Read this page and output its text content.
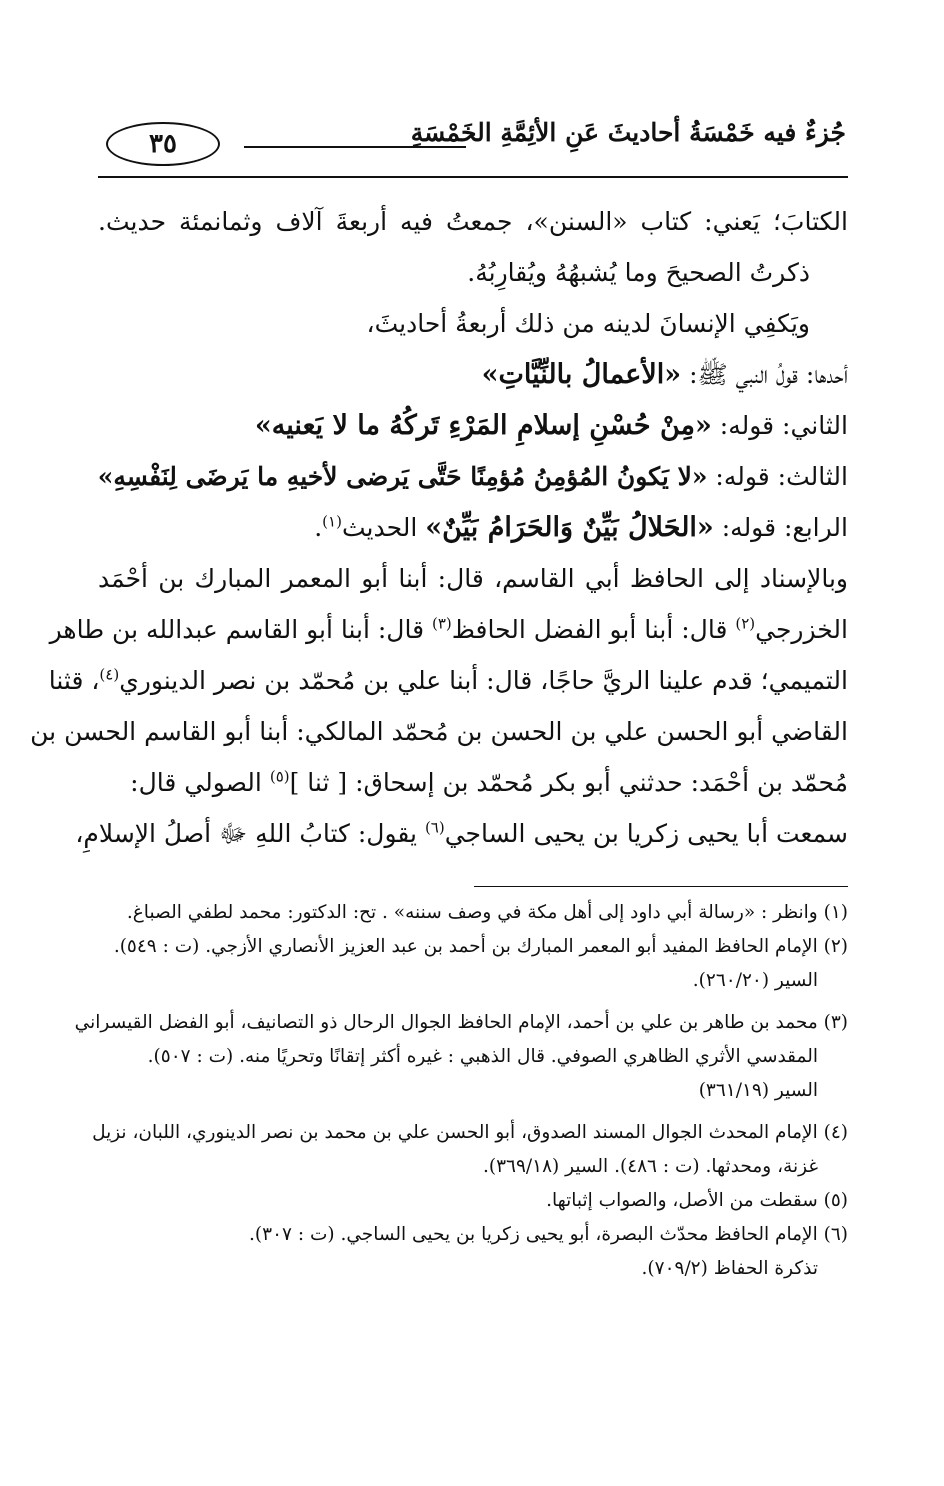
جُزءٌ فيه خَمْسَةُ أحاديثَ عَنِ الأئِمَّةِ الخَمْسَةِ
٣٥
الكتابَ؛ يَعني: كتاب «السنن»، جمعتُ فيه أربعةَ آلاف وثمانمئة حديث.
ذكرتُ الصحيحَ وما يُشبهُهُ ويُقارِبُهُ.
ويَكفِي الإنسانَ لدينه من ذلك أربعةُ أحاديثَ،
أحدها: قولُ النبي ﷺ: «الأعمالُ بالنِّيَّاتِ»
الثاني: قوله: «مِنْ حُسْنِ إسلامِ المَرْءِ تَركُهُ ما لا يَعنيه»
الثالث: قوله: «لا يَكونُ المُؤمِنُ مُؤمِنًا حَتَّى يَرضى لأخيهِ ما يَرضَى لِنَفْسِهِ»
الرابع: قوله: «الحَلالُ بَيِّنٌ وَالحَرَامُ بَيِّنٌ» الحديث$^{(١)}$.
وبالإسناد إلى الحافظ أبي القاسم، قال: أبنا أبو المعمر المبارك بن أحْمَد
الخزرجي$^{(٢)}$ قال: أبنا أبو الفضل الحافظ$^{(٣)}$ قال: أبنا أبو القاسم عبدالله بن طاهر
التميمي؛ قدم علينا الريَّ حاجًا، قال: أبنا علي بن مُحمّد بن نصر الدينوري$^{(٤)}$، قثنا
القاضي أبو الحسن علي بن الحسن بن مُحمّد المالكي: أبنا أبو القاسم الحسن بن
مُحمّد بن أحْمَد: حدثني أبو بكر مُحمّد بن إسحاق: [ ثنا ]$^{(٥)}$ الصولي قال:
سمعت أبا يحيى زكريا بن يحيى الساجي$^{(٦)}$ يقول: كتابُ اللهِ ﷻ أصلُ الإسلامِ،
(١) وانظر : «رسالة أبي داود إلى أهل مكة في وصف سننه» . تح: الدكتور: محمد لطفي الصباغ.
(٢) الإمام الحافظ المفيد أبو المعمر المبارك بن أحمد بن عبد العزيز الأنصاري الأزجي. (ت : ٥٤٩).
السير (٢٦٠/٢٠).
(٣) محمد بن طاهر بن علي بن أحمد، الإمام الحافظ الجوال الرحال ذو التصانيف، أبو الفضل القيسراني
المقدسي الأثري الظاهري الصوفي. قال الذهبي : غيره أكثر إتقانًا وتحريًا منه. (ت : ٥٠٧).
السير (٣٦١/١٩)
(٤) الإمام المحدث الجوال المسند الصدوق، أبو الحسن علي بن محمد بن نصر الدينوري، اللبان، نزيل
غزنة، ومحدثها. (ت : ٤٨٦). السير (٣٦٩/١٨).
(٥) سقطت من الأصل، والصواب إثباتها.
(٦) الإمام الحافظ محدّث البصرة، أبو يحيى زكريا بن يحيى الساجي. (ت : ٣٠٧).
تذكرة الحفاظ (٧٠٩/٢).
